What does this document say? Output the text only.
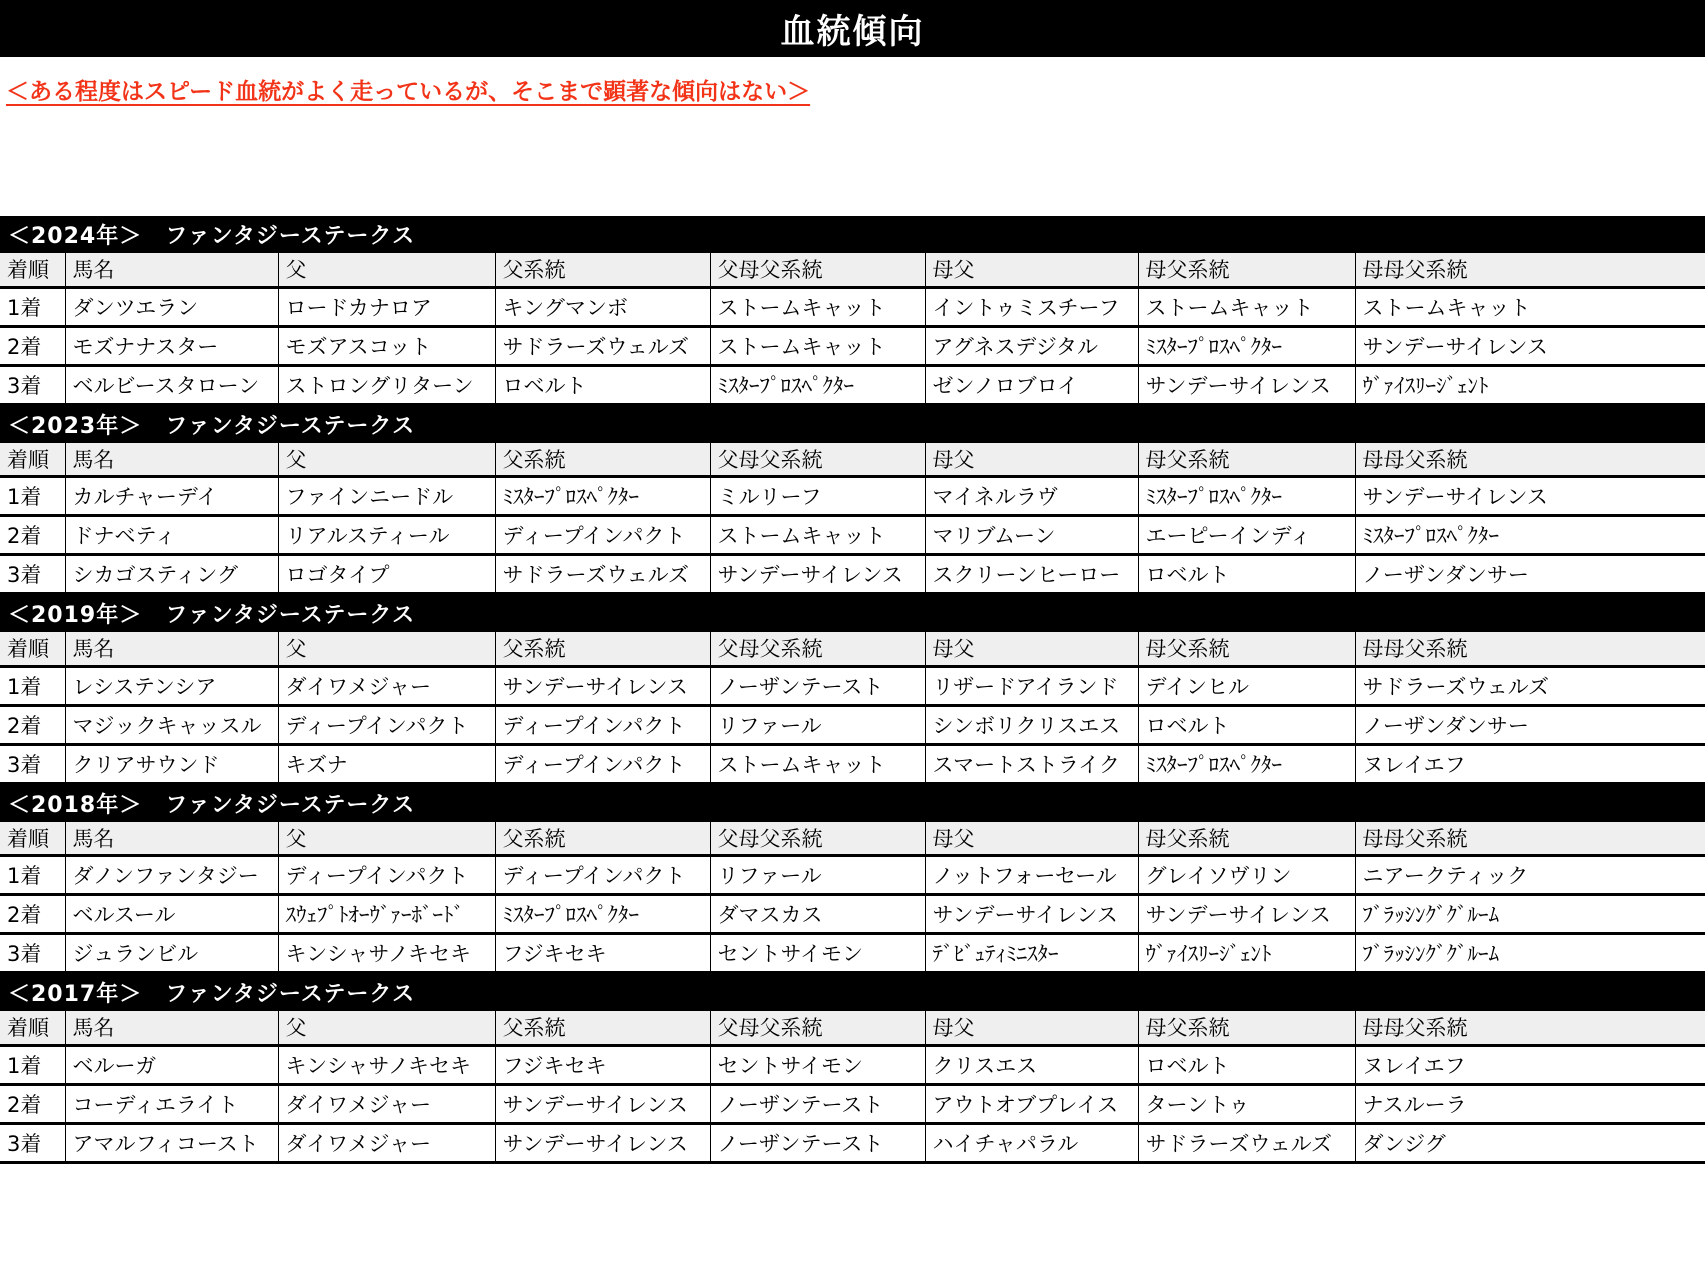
血統傾向
＜ある程度はスピード血統がよく走っているが、そこまで顕著な傾向はない＞
＜2024年＞　ファンタジーステークス
着順	馬名	父	父系統	父母父系統	母父	母父系統	母母父系統
1着	ダンツエラン	ロードカナロア	キングマンボ	ストームキャット	イントゥミスチーフ	ストームキャット	ストームキャット
2着	モズナナスター	モズアスコット	サドラーズウェルズ	ストームキャット	アグネスデジタル	ﾐｽﾀｰﾌﾟﾛｽﾍﾟｸﾀｰ	サンデーサイレンス
3着	ベルビースタローン	ストロングリターン	ロベルト	ﾐｽﾀｰﾌﾟﾛｽﾍﾟｸﾀｰ	ゼンノロブロイ	サンデーサイレンス	ｳﾞｧｲｽﾘｰｼﾞｪﾝﾄ
＜2023年＞　ファンタジーステークス
着順	馬名	父	父系統	父母父系統	母父	母父系統	母母父系統
1着	カルチャーデイ	ファインニードル	ﾐｽﾀｰﾌﾟﾛｽﾍﾟｸﾀｰ	ミルリーフ	マイネルラヴ	ﾐｽﾀｰﾌﾟﾛｽﾍﾟｸﾀｰ	サンデーサイレンス
2着	ドナベティ	リアルスティール	ディープインパクト	ストームキャット	マリブムーン	エーピーインディ	ﾐｽﾀｰﾌﾟﾛｽﾍﾟｸﾀｰ
3着	シカゴスティング	ロゴタイプ	サドラーズウェルズ	サンデーサイレンス	スクリーンヒーロー	ロベルト	ノーザンダンサー
＜2019年＞　ファンタジーステークス
着順	馬名	父	父系統	父母父系統	母父	母父系統	母母父系統
1着	レシステンシア	ダイワメジャー	サンデーサイレンス	ノーザンテースト	リザードアイランド	デインヒル	サドラーズウェルズ
2着	マジックキャッスル	ディープインパクト	ディープインパクト	リファール	シンボリクリスエス	ロベルト	ノーザンダンサー
3着	クリアサウンド	キズナ	ディープインパクト	ストームキャット	スマートストライク	ﾐｽﾀｰﾌﾟﾛｽﾍﾟｸﾀｰ	ヌレイエフ
＜2018年＞　ファンタジーステークス
着順	馬名	父	父系統	父母父系統	母父	母父系統	母母父系統
1着	ダノンファンタジー	ディープインパクト	ディープインパクト	リファール	ノットフォーセール	グレイソヴリン	ニアークティック
2着	ベルスール	ｽｳｪﾌﾟﾄｵｰｳﾞｧｰﾎﾞｰﾄﾞ	ﾐｽﾀｰﾌﾟﾛｽﾍﾟｸﾀｰ	ダマスカス	サンデーサイレンス	サンデーサイレンス	ﾌﾞﾗｯｼﾝｸﾞｸﾞﾙｰﾑ
3着	ジュランビル	キンシャサノキセキ	フジキセキ	セントサイモン	ﾃﾞﾋﾞｭﾃｨﾐﾆｽﾀｰ	ｳﾞｧｲｽﾘｰｼﾞｪﾝﾄ	ﾌﾞﾗｯｼﾝｸﾞｸﾞﾙｰﾑ
＜2017年＞　ファンタジーステークス
着順	馬名	父	父系統	父母父系統	母父	母父系統	母母父系統
1着	ベルーガ	キンシャサノキセキ	フジキセキ	セントサイモン	クリスエス	ロベルト	ヌレイエフ
2着	コーディエライト	ダイワメジャー	サンデーサイレンス	ノーザンテースト	アウトオブプレイス	ターントゥ	ナスルーラ
3着	アマルフィコースト	ダイワメジャー	サンデーサイレンス	ノーザンテースト	ハイチャパラル	サドラーズウェルズ	ダンジグ
